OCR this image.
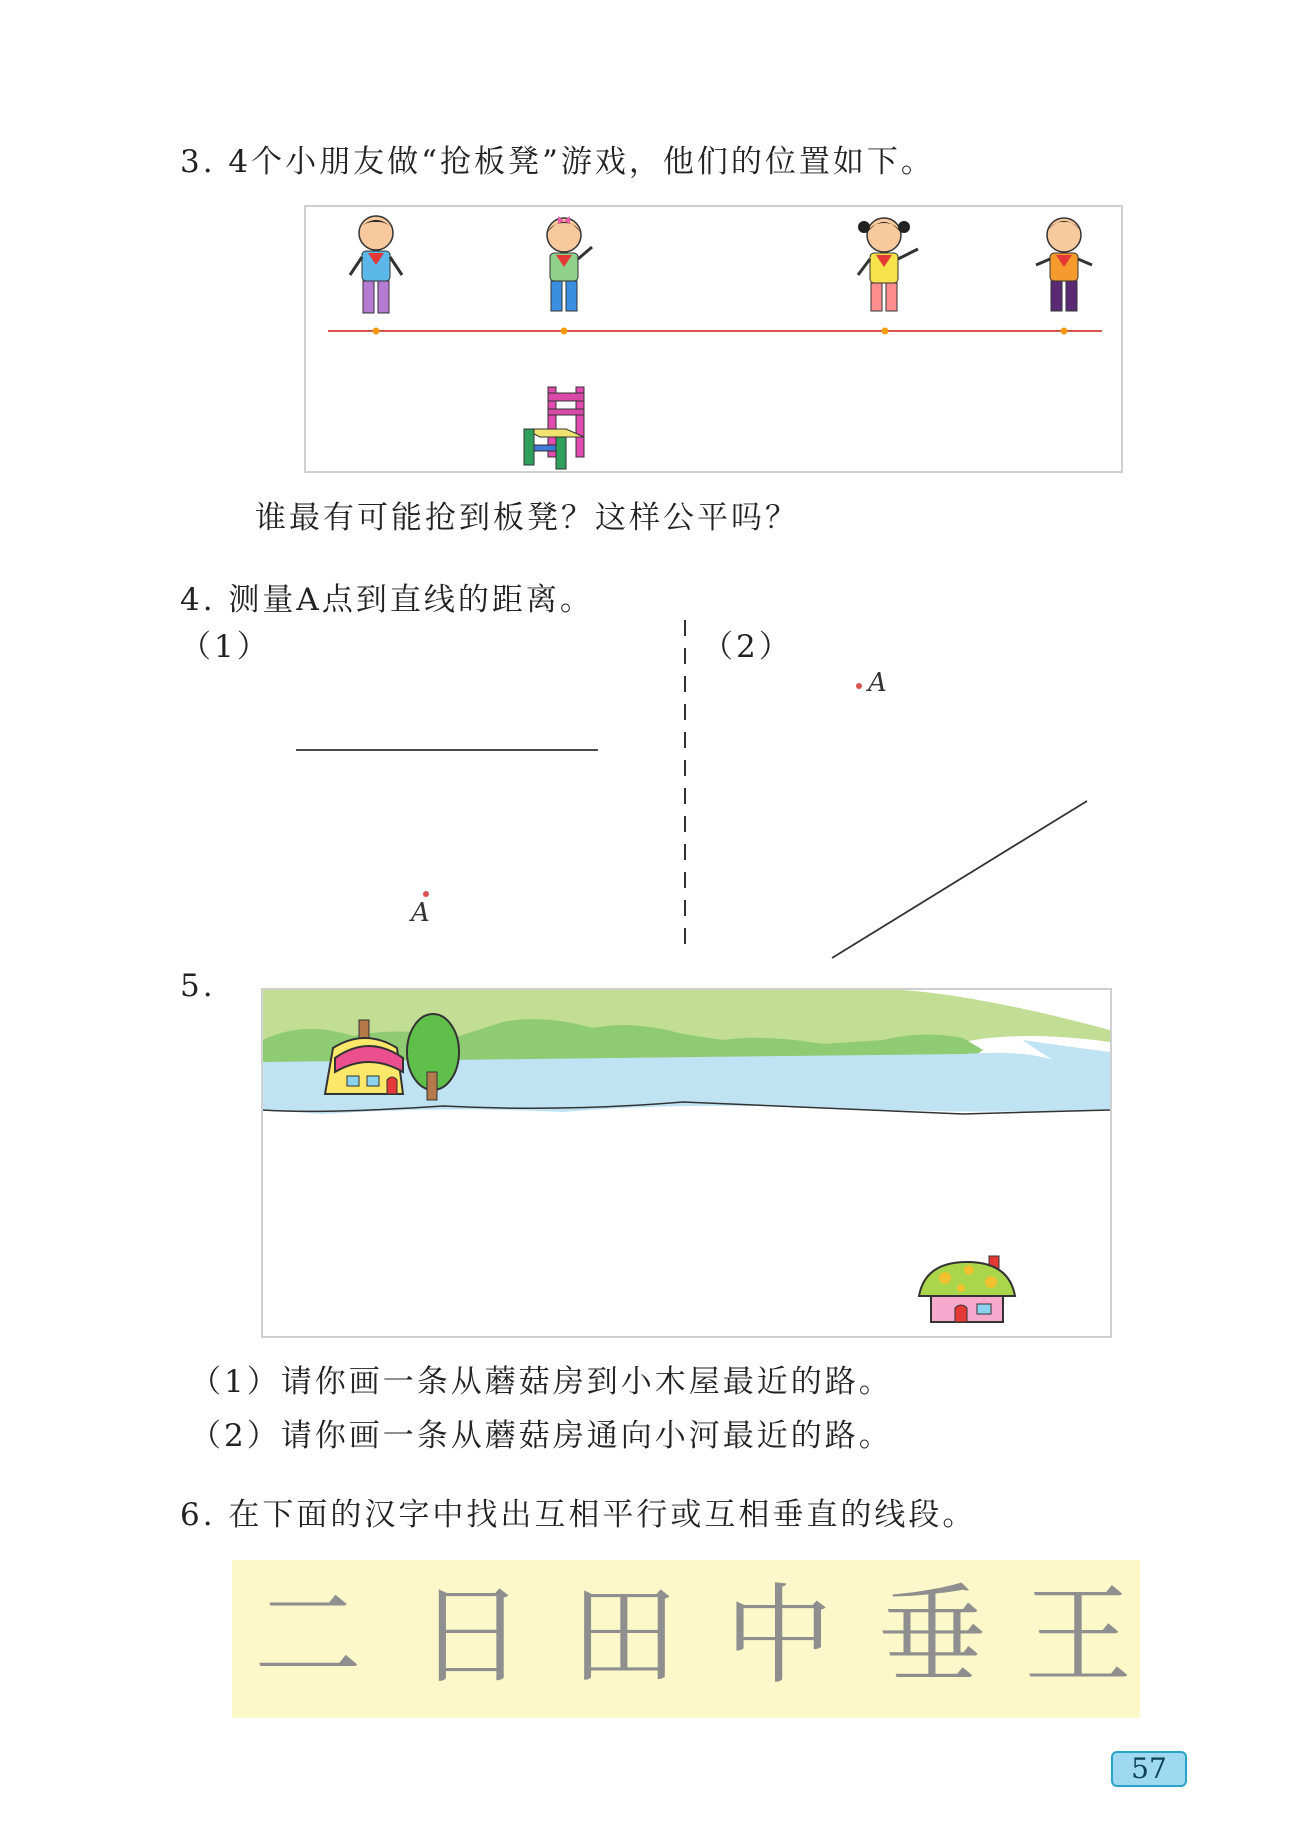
3. 4个小朋友做“抢板凳”游戏，他们的位置如下。
谁最有可能抢到板凳？这样公平吗？
4. 测量A点到直线的距离。
（1）	（2）
A
A
5.
（1）请你画一条从蘑菇房到小木屋最近的路。
（2）请你画一条从蘑菇房通向小河最近的路。
6. 在下面的汉字中找出互相平行或互相垂直的线段。
二 日 田 中 垂 王
57
